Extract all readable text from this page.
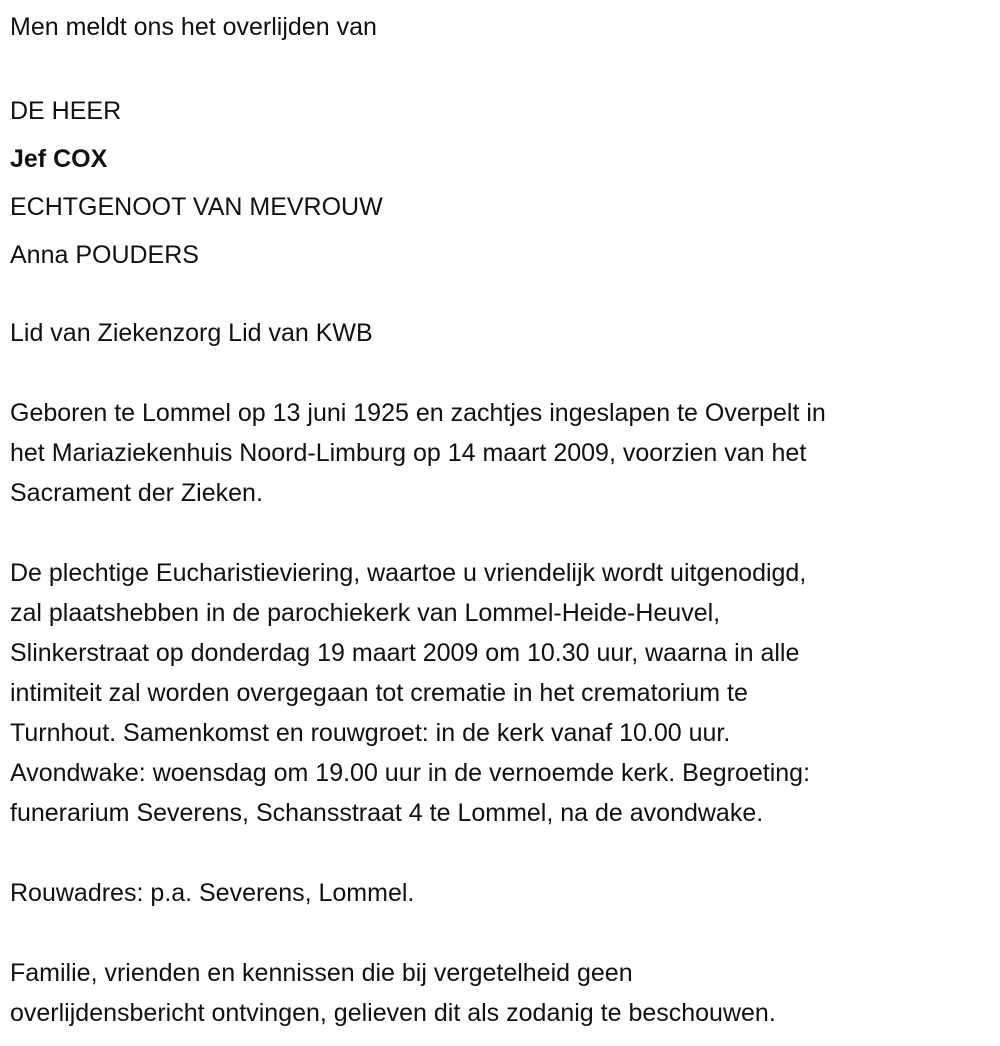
Men meldt ons het overlijden van
DE HEER
Jef COX
ECHTGENOOT VAN MEVROUW
Anna POUDERS
Lid van Ziekenzorg Lid van KWB
Geboren te Lommel op 13 juni 1925 en zachtjes ingeslapen te Overpelt in
het Mariaziekenhuis Noord-Limburg op 14 maart 2009, voorzien van het
Sacrament der Zieken.
De plechtige Eucharistieviering, waartoe u vriendelijk wordt uitgenodigd,
zal plaatshebben in de parochiekerk van Lommel-Heide-Heuvel,
Slinkerstraat op donderdag 19 maart 2009 om 10.30 uur, waarna in alle
intimiteit zal worden overgegaan tot crematie in het crematorium te
Turnhout. Samenkomst en rouwgroet: in de kerk vanaf 10.00 uur.
Avondwake: woensdag om 19.00 uur in de vernoemde kerk. Begroeting:
funerarium Severens, Schansstraat 4 te Lommel, na de avondwake.
Rouwadres: p.a. Severens, Lommel.
Familie, vrienden en kennissen die bij vergetelheid geen
overlijdensbericht ontvingen, gelieven dit als zodanig te beschouwen.
